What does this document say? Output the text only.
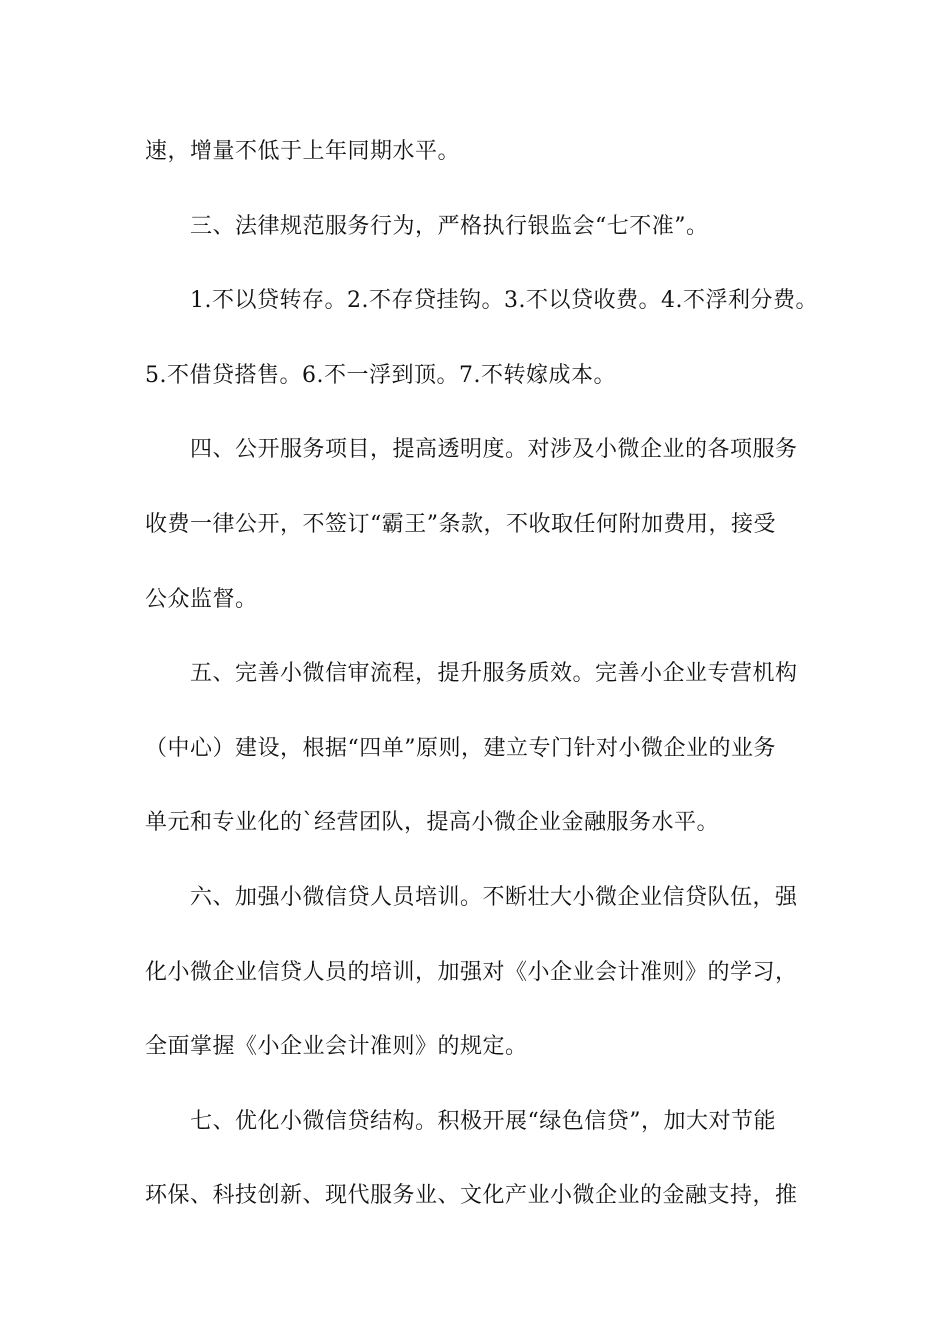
速，增量不低于上年同期水平。
三、法律规范服务行为，严格执行银监会“七不准”。
1.不以贷转存。2.不存贷挂钩。3.不以贷收费。4.不浮利分费。
5.不借贷搭售。6.不一浮到顶。7.不转嫁成本。
四、公开服务项目，提高透明度。对涉及小微企业的各项服务
收费一律公开，不签订“霸王”条款，不收取任何附加费用，接受
公众监督。
五、完善小微信审流程，提升服务质效。完善小企业专营机构
（中心）建设，根据“四单”原则，建立专门针对小微企业的业务
单元和专业化的`经营团队，提高小微企业金融服务水平。
六、加强小微信贷人员培训。不断壮大小微企业信贷队伍，强
化小微企业信贷人员的培训，加强对《小企业会计准则》的学习，
全面掌握《小企业会计准则》的规定。
七、优化小微信贷结构。积极开展“绿色信贷”，加大对节能
环保、科技创新、现代服务业、文化产业小微企业的金融支持，推
